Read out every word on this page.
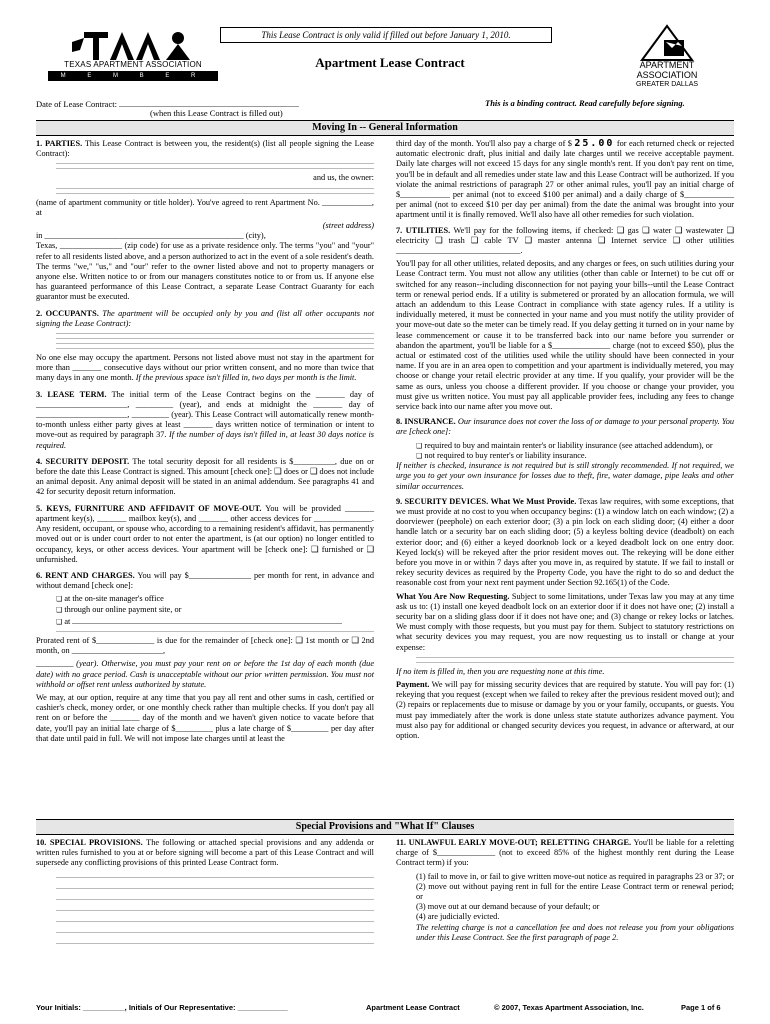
This Lease Contract is only valid if filled out before January 1, 2010.
TEXAS APARTMENT ASSOCIATION
M E M B E R
APARTMENT
ASSOCIATION
GREATER DALLAS
Apartment Lease Contract
Date of Lease Contract:
(when this Lease Contract is filled out)
This is a binding contract. Read carefully before signing.
Moving In -- General Information

1. PARTIES. This Lease Contract is between you, the resident(s) (list all people signing the Lease Contract):

and us, the owner:

(name of apartment community or title holder). You've agreed to rent Apartment No. ____________, at

(street address)
in ________________________________________________ (city),

Texas, _______________ (zip code) for use as a private residence only. The terms "you" and "your" refer to all residents listed above, and a person authorized to act in the event of a sole resident's death. The terms "we," "us," and "our" refer to the owner listed above and not to property managers or anyone else. Written notice to or from our managers constitutes notice to or from us. If anyone else has guaranteed performance of this Lease Contract, a separate Lease Contract Guaranty for each guarantor must be executed.

2. OCCUPANTS. The apartment will be occupied only by you and (list all other occupants not signing the Lease Contract):

No one else may occupy the apartment. Persons not listed above must not stay in the apartment for more than _______ consecutive days without our prior written consent, and no more than twice that many days in any one month. If the previous space isn't filled in, two days per month is the limit.

3. LEASE TERM. The initial term of the Lease Contract begins on the _______ day of ______________________, _________ (year), and ends at midnight the _______ day of ______________________, _________ (year). This Lease Contract will automatically renew month-to-month unless either party gives at least _______ days written notice of termination or intent to move-out as required by paragraph 37. If the number of days isn't filled in, at least 30 days notice is required.

4. SECURITY DEPOSIT. The total security deposit for all residents is $__________, due on or before the date this Lease Contract is signed. This amount [check one]: ❑ does or ❑ does not include an animal deposit. Any animal deposit will be stated in an animal addendum. See paragraphs 41 and 42 for security deposit return information.

5. KEYS, FURNITURE AND AFFIDAVIT OF MOVE-OUT. You will be provided _______ apartment key(s), _______ mailbox key(s), and _______ other access devices for ______________. Any resident, occupant, or spouse who, according to a remaining resident's affidavit, has permanently moved out or is under court order to not enter the apartment, is (at our option) no longer entitled to occupancy, keys, or other access devices. Your apartment will be [check one]: ❑ furnished or ❑ unfurnished.

6. RENT AND CHARGES. You will pay $_______________ per month for rent, in advance and without demand [check one]:

❑ at the on-site manager's office
❑ through our online payment site, or
❑ at

Prorated rent of $______________ is due for the remainder of [check one]: ❑ 1st month or ❑ 2nd month, on ______________________,

_________ (year). Otherwise, you must pay your rent on or before the 1st day of each month (due date) with no grace period. Cash is unacceptable without our prior written permission. You must not withhold or offset rent unless authorized by statute.

We may, at our option, require at any time that you pay all rent and other sums in cash, certified or cashier's check, money order, or one monthly check rather than multiple checks. If you don't pay all rent on or before the _______ day of the month and we haven't given notice to vacate before that date, you'll pay an initial late charge of $_________ plus a late charge of $_________ per day after that date until paid in full. We will not impose late charges until at least the

third day of the month. You'll also pay a charge of $ 25.00 for each returned check or rejected automatic electronic draft, plus initial and daily late charges until we receive acceptable payment. Daily late charges will not exceed 15 days for any single month's rent. If you don't pay rent on time, you'll be in default and all remedies under state law and this Lease Contract will be authorized. If you violate the animal restrictions of paragraph 27 or other animal rules, you'll pay an initial charge of $____________ per animal (not to exceed $100 per animal) and a daily charge of $____________ per animal (not to exceed $10 per day per animal) from the date the animal was brought into your apartment until it is finally removed. We'll also have all other remedies for such violation.

7. UTILITIES. We'll pay for the following items, if checked: ❑ gas ❑ water ❑ wastewater ❑ electricity ❑ trash ❑ cable TV ❑ master antenna ❑ Internet service ❑ other utilities ______________________________.

You'll pay for all other utilities, related deposits, and any charges or fees, on such utilities during your Lease Contract term. You must not allow any utilities (other than cable or Internet) to be cut off or switched for any reason--including disconnection for not paying your bills--until the Lease Contract term or renewal period ends. If a utility is submetered or prorated by an allocation formula, we will attach an addendum to this Lease Contract in compliance with state agency rules. If a utility is individually metered, it must be connected in your name and you must notify the utility provider of your move-out date so the meter can be timely read. If you delay getting it turned on in your name by lease commencement or cause it to be transferred back into our name before you surrender or abandon the apartment, you'll be liable for a $______________ charge (not to exceed $50), plus the actual or estimated cost of the utilities used while the utility should have been connected in your name. If you are in an area open to competition and your apartment is individually metered, you may choose or change your retail electric provider at any time. If you qualify, your provider will be the same as ours, unless you choose a different provider. If you choose or change your provider, you must give us written notice. You must pay all applicable provider fees, including any fees to change service back into our name after you move out.

8. INSURANCE. Our insurance does not cover the loss of or damage to your personal property. You are [check one]:

❑ required to buy and maintain renter's or liability insurance (see attached addendum), or
❑ not required to buy renter's or liability insurance.

If neither is checked, insurance is not required but is still strongly recommended. If not required, we urge you to get your own insurance for losses due to theft, fire, water damage, pipe leaks and other similar occurrences.

9. SECURITY DEVICES. What We Must Provide. Texas law requires, with some exceptions, that we must provide at no cost to you when occupancy begins: (1) a window latch on each window; (2) a doorviewer (peephole) on each exterior door; (3) a pin lock on each sliding door; (4) either a door handle latch or a security bar on each sliding door; (5) a keyless bolting device (deadbolt) on each exterior door; and (6) either a keyed doorknob lock or a keyed deadbolt lock on one entry door. Keyed lock(s) will be rekeyed after the prior resident moves out. The rekeying will be done either before you move in or within 7 days after you move in, as required by statute. If we fail to install or rekey security devices as required by the Property Code, you have the right to do so and deduct the reasonable cost from your next rent payment under Section 92.165(1) of the Code.

What You Are Now Requesting. Subject to some limitations, under Texas law you may at any time ask us to: (1) install one keyed deadbolt lock on an exterior door if it does not have one; (2) install a security bar on a sliding glass door if it does not have one; and (3) change or rekey locks or latches. We must comply with those requests, but you must pay for them. Subject to statutory restrictions on what security devices you may request, you are now requesting us to install or change at your expense:

If no item is filled in, then you are requesting none at this time.

Payment. We will pay for missing security devices that are required by statute. You will pay for: (1) rekeying that you request (except when we failed to rekey after the previous resident moved out); and (2) repairs or replacements due to misuse or damage by you or your family, occupants, or guests. You must pay immediately after the work is done unless state statute authorizes advance payment. You must also pay for additional or changed security devices you request, in advance or afterward, at our option.

Special Provisions and "What If" Clauses

10. SPECIAL PROVISIONS. The following or attached special provisions and any addenda or written rules furnished to you at or before signing will become a part of this Lease Contract and will supersede any conflicting provisions of this printed Lease Contract form.

11. UNLAWFUL EARLY MOVE-OUT; RELETTING CHARGE. You'll be liable for a reletting charge of $______________ (not to exceed 85% of the highest monthly rent during the Lease Contract term) if you:

(1) fail to move in, or fail to give written move-out notice as required in paragraphs 23 or 37; or
(2) move out without paying rent in full for the entire Lease Contract term or renewal period; or
(3) move out at our demand because of your default; or
(4) are judicially evicted.

The reletting charge is not a cancellation fee and does not release you from your obligations under this Lease Contract. See the first paragraph of page 2.

Your Initials: __________, Initials of Our Representative: ____________	Apartment Lease Contract	© 2007, Texas Apartment Association, Inc.	Page 1 of 6
